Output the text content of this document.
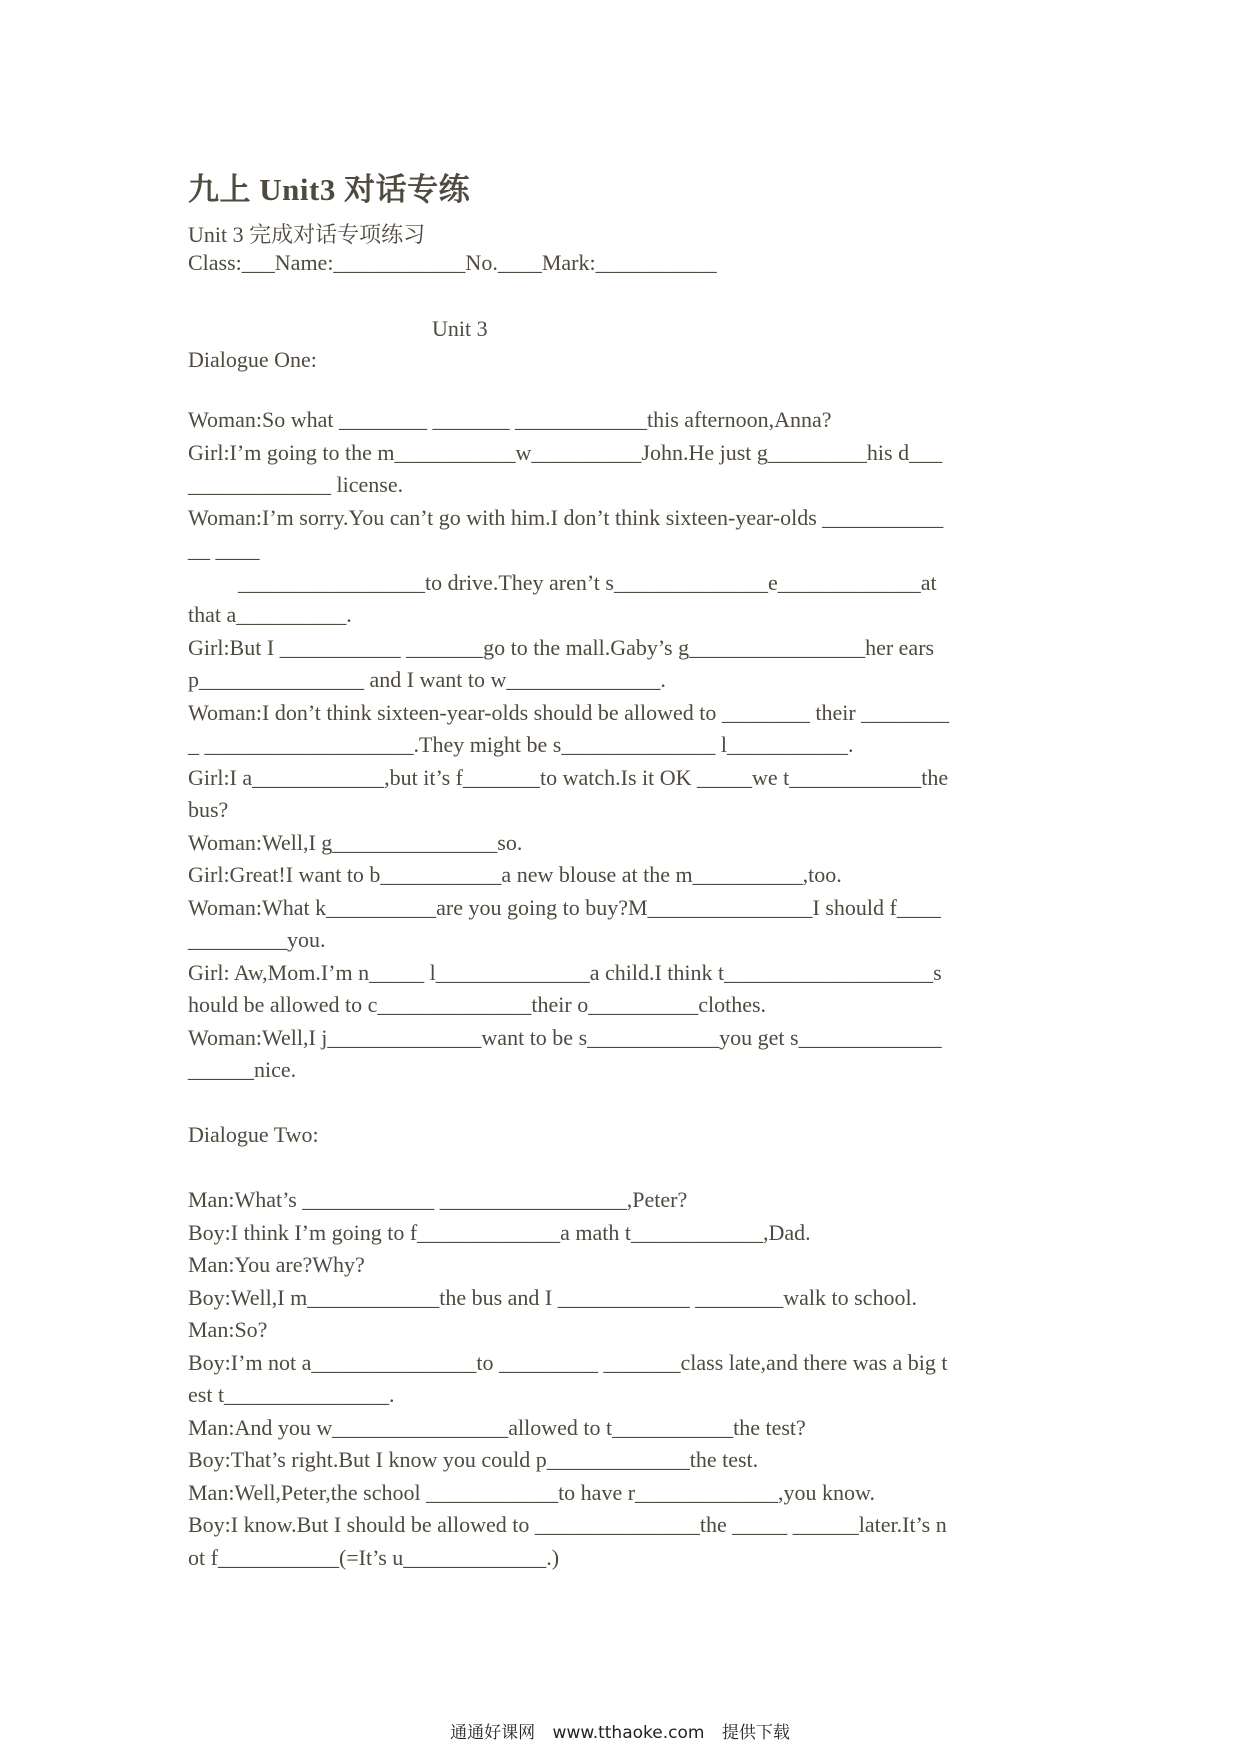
九上 Unit3 对话专练
Unit 3 完成对话专项练习
Class:___Name:____________No.____Mark:___________
Unit 3
Dialogue One:
Woman:So what ________ _______ ____________this afternoon,Anna?
Girl:I’m going to the m___________w__________John.He just g_________his d___
_____________ license.
Woman:I’m sorry.You can’t go with him.I don’t think sixteen-year-olds ___________
__ ____
_________________to drive.They aren’t s______________e_____________at
that a__________.
Girl:But I ___________ _______go to the mall.Gaby’s g________________her ears
p_______________ and I want to w______________.
Woman:I don’t think sixteen-year-olds should be allowed to ________ their ________
_ ___________________.They might be s______________ l___________.
Girl:I a____________,but it’s f_______to watch.Is it OK _____we t____________the
bus?
Woman:Well,I g_______________so.
Girl:Great!I want to b___________a new blouse at the m__________,too.
Woman:What k__________are you going to buy?M_______________I should f____
_________you.
Girl: Aw,Mom.I’m n_____ l______________a child.I think t___________________s
hould be allowed to c______________their o__________clothes.
Woman:Well,I j______________want to be s____________you get s_____________
______nice.
Dialogue Two:
Man:What’s ____________ _________________,Peter?
Boy:I think I’m going to f_____________a math t____________,Dad.
Man:You are?Why?
Boy:Well,I m____________the bus and I ____________ ________walk to school.
Man:So?
Boy:I’m not a_______________to _________ _______class late,and there was a big t
est t_______________.
Man:And you w________________allowed to t___________the test?
Boy:That’s right.But I know you could p_____________the test.
Man:Well,Peter,the school ____________to have r_____________,you know.
Boy:I know.But I should be allowed to _______________the _____ ______later.It’s n
ot f___________(=It’s u_____________.)
通通好课网 www.tthaoke.com 提供下载
